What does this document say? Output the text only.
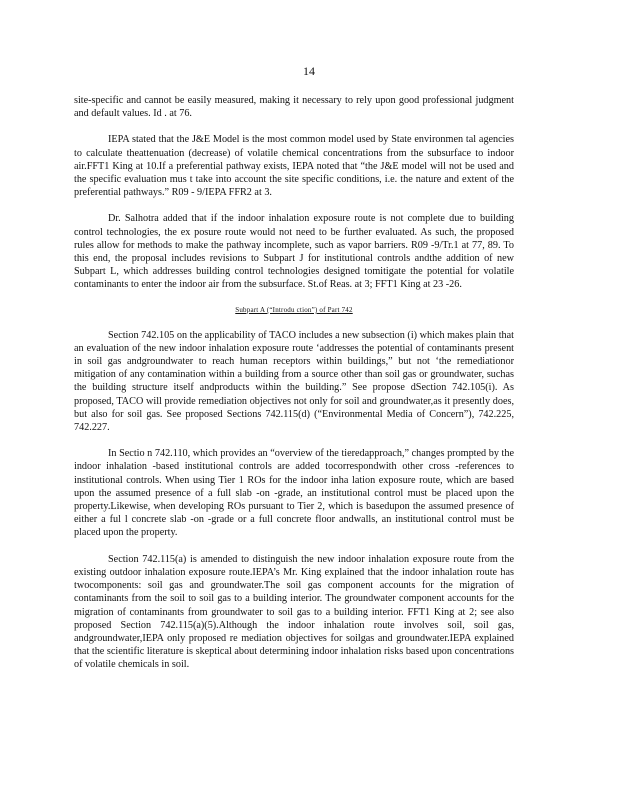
14

site-specific and cannot be easily measured, making it necessary to rely upon good professional judgment and default values. Id . at 76.

IEPA stated that the J&E Model is the most common model used by State environmen tal agencies to calculate theattenuation (decrease) of volatile chemical concentrations from the subsurface to indoor air.FFT1 King at 10.If a preferential pathway exists, IEPA noted that “the J&E model will not be used and the specific evaluation mus t take into account the site specific conditions, i.e. the nature and extent of the preferential pathways.” R09 - 9/IEPA FFR2 at 3.

Dr. Salhotra added that if the indoor inhalation exposure route is not complete due to building control technologies, the ex posure route would not need to be further evaluated. As such, the proposed rules allow for methods to make the pathway incomplete, such as vapor barriers. R09 -9/Tr.1 at 77, 89. To this end, the proposal includes revisions to Subpart J for institutional controls andthe addition of new Subpart L, which addresses building control technologies designed tomitigate the potential for volatile contaminants to enter the indoor air from the subsurface. St.of Reas. at 3; FFT1 King at 23 -26.

Subpart A (“Introdu ction”) of Part 742

Section 742.105 on the applicability of TACO includes a new subsection (i) which makes plain that an evaluation of the new indoor inhalation exposure route ‘addresses the potential of contaminants present in soil gas andgroundwater to reach human receptors within buildings,” but not ‘the remediationor mitigation of any contamination within a building from a source other than soil gas or groundwater, suchas the building structure itself andproducts within the building.” See propose dSection 742.105(i). As proposed, TACO will provide remediation objectives not only for soil and groundwater,as it presently does, but also for soil gas. See proposed Sections 742.115(d) (“Environmental Media of Concern”), 742.225, 742.227.

In Sectio n 742.110, which provides an “overview of the tieredapproach,” changes prompted by the indoor inhalation -based institutional controls are added tocorrespondwith other cross -references to institutional controls. When using Tier 1 ROs for the indoor inha lation exposure route, which are based upon the assumed presence of a full slab -on -grade, an institutional control must be placed upon the property.Likewise, when developing ROs pursuant to Tier 2, which is basedupon the assumed presence of either a ful l concrete slab -on -grade or a full concrete floor andwalls, an institutional control must be placed upon the property.

Section 742.115(a) is amended to distinguish the new indoor inhalation exposure route from the existing outdoor inhalation exposure route.IEPA’s Mr. King explained that the indoor inhalation route has twocomponents: soil gas and groundwater.The soil gas component accounts for the migration of contaminants from the soil to soil gas to a building interior. The groundwater component accounts for the migration of contaminants from groundwater to soil gas to a building interior. FFT1 King at 2; see also proposed Section 742.115(a)(5).Although the indoor inhalation route involves soil, soil gas, andgroundwater,IEPA only proposed re mediation objectives for soilgas and groundwater.IEPA explained that the scientific literature is skeptical about determining indoor inhalation risks based upon concentrations of volatile chemicals in soil.
